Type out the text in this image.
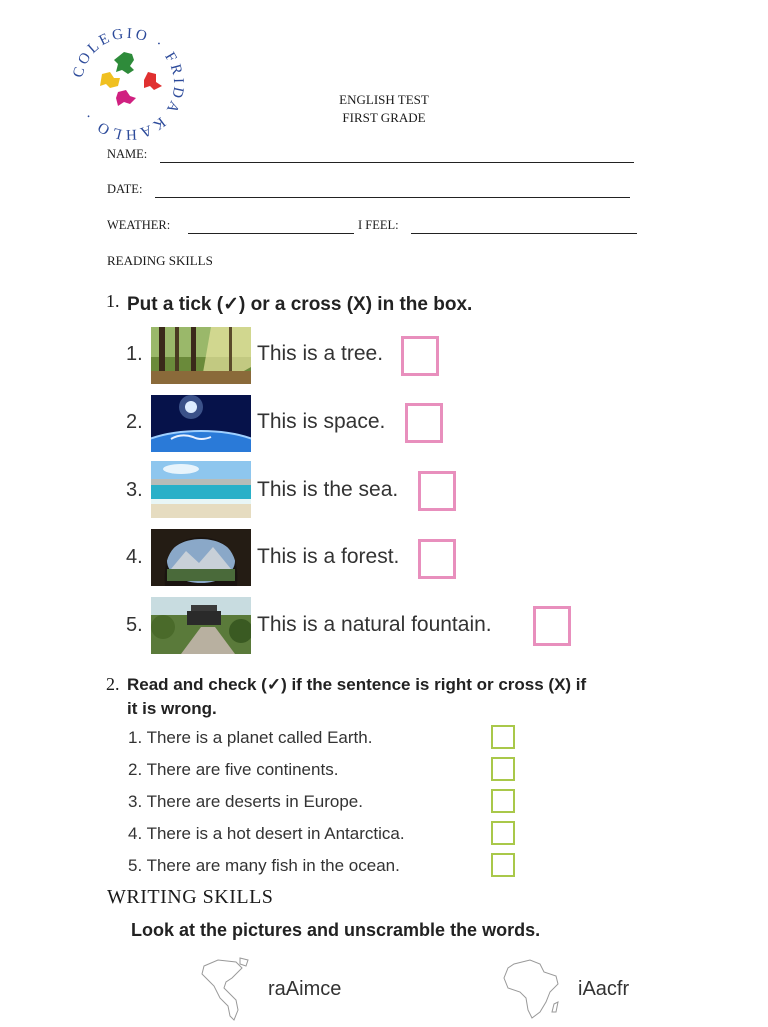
COLEGIO · FRIDA KAHLO ·
ENGLISH TEST
FIRST GRADE
NAME:
DATE:
WEATHER:	I FEEL:
READING SKILLS
1. Put a tick (✓) or a cross (X) in the box.
1.	This is a tree.
2.	This is space.
3.	This is the sea.
4.	This is a forest.
5.	This is a natural fountain.
2. Read and check (✓) if the sentence is right or cross (X) if
it is wrong.
1. There is a planet called Earth.
2. There are five continents.
3. There are deserts in Europe.
4. There is a hot desert in Antarctica.
5. There are many fish in the ocean.
WRITING SKILLS
Look at the pictures and unscramble the words.
raAimce	iAacfr
